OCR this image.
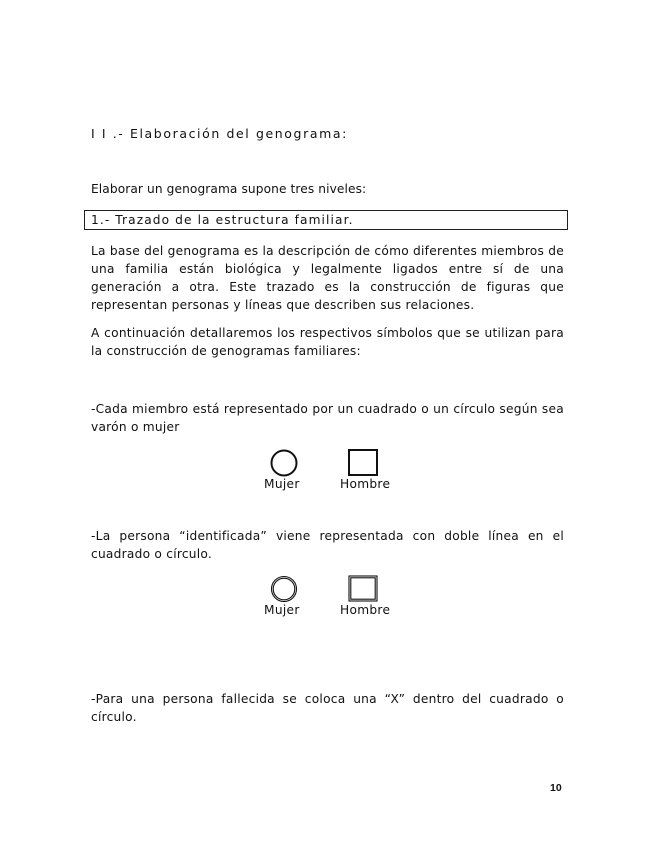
I I .- Elaboración del genograma:
Elaborar un genograma supone tres niveles:
1.- Trazado de la estructura familiar.
La base del genograma es la descripción de cómo diferentes miembros de una familia están biológica y legalmente ligados entre sí de una generación a otra. Este trazado es la construcción de figuras que representan personas y líneas que describen sus relaciones.
A continuación detallaremos los respectivos símbolos que se utilizan para la construcción de genogramas familiares:
-Cada miembro está representado por un cuadrado o un círculo según sea varón o mujer
Mujer	Hombre
-La persona “identificada” viene representada con doble línea en el cuadrado o círculo.
Mujer	Hombre
-Para una persona fallecida se coloca una “X” dentro del cuadrado o círculo.
10
